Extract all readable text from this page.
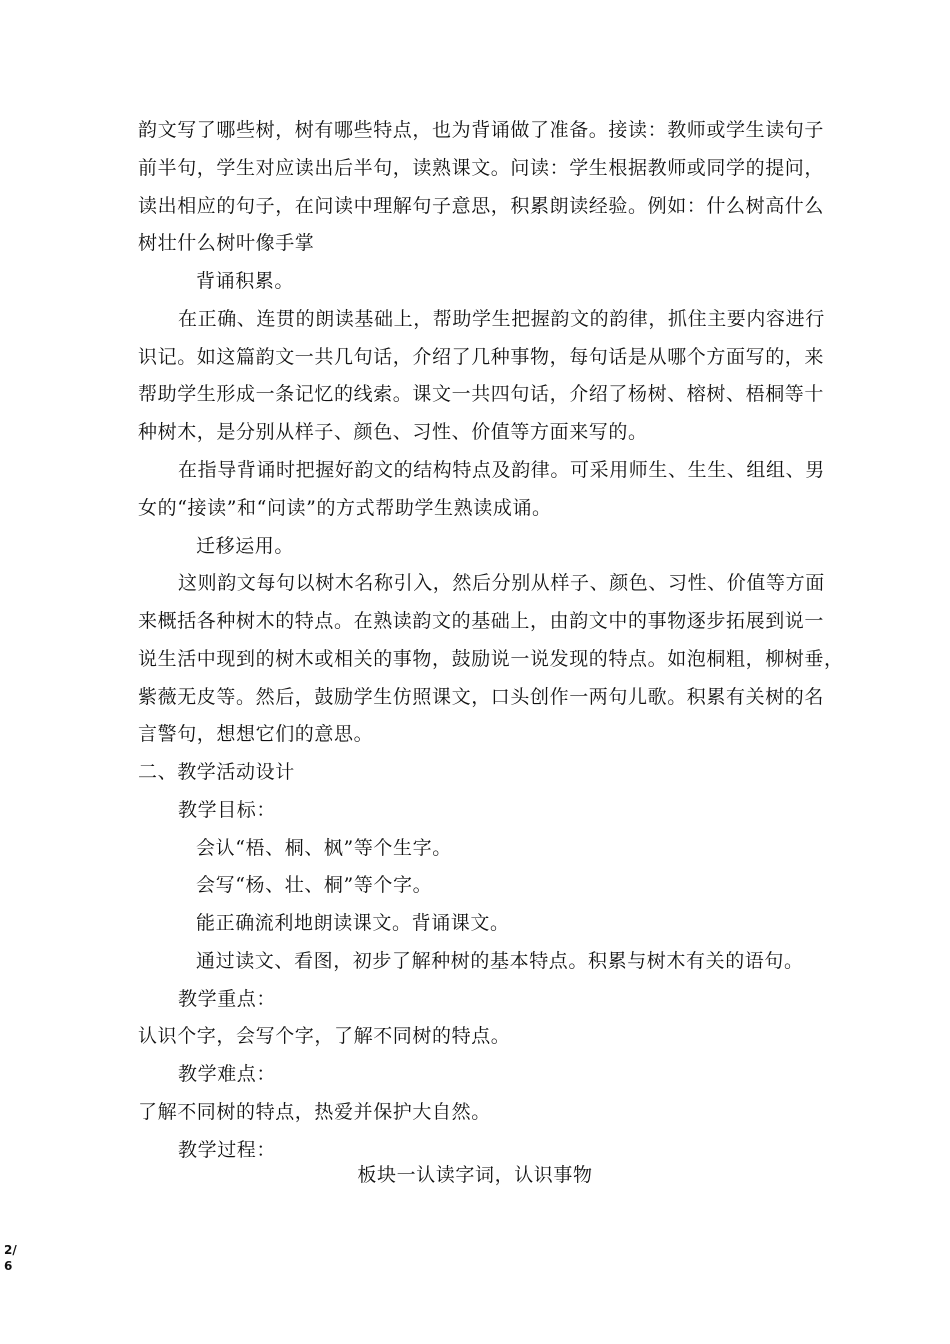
韵文写了哪些树，树有哪些特点，也为背诵做了准备。接读：教师或学生读句子
前半句，学生对应读出后半句，读熟课文。问读：学生根据教师或同学的提问，
读出相应的句子，在问读中理解句子意思，积累朗读经验。例如：什么树高什么
树壮什么树叶像手掌
背诵积累。
在正确、连贯的朗读基础上，帮助学生把握韵文的韵律，抓住主要内容进行
识记。如这篇韵文一共几句话，介绍了几种事物，每句话是从哪个方面写的，来
帮助学生形成一条记忆的线索。课文一共四句话，介绍了杨树、榕树、梧桐等十
种树木，是分别从样子、颜色、习性、价值等方面来写的。
在指导背诵时把握好韵文的结构特点及韵律。可采用师生、生生、组组、男
女的“接读”和“问读”的方式帮助学生熟读成诵。
迁移运用。
这则韵文每句以树木名称引入，然后分别从样子、颜色、习性、价值等方面
来概括各种树木的特点。在熟读韵文的基础上，由韵文中的事物逐步拓展到说一
说生活中现到的树木或相关的事物，鼓励说一说发现的特点。如泡桐粗，柳树垂，
紫薇无皮等。然后，鼓励学生仿照课文，口头创作一两句儿歌。积累有关树的名
言警句，想想它们的意思。
二、教学活动设计
教学目标：
会认“梧、桐、枫”等个生字。
会写“杨、壮、桐”等个字。
能正确流利地朗读课文。背诵课文。
通过读文、看图，初步了解种树的基本特点。积累与树木有关的语句。
教学重点：
认识个字，会写个字，了解不同树的特点。
教学难点：
了解不同树的特点，热爱并保护大自然。
教学过程：
板块一认读字词，认识事物
2/
6
